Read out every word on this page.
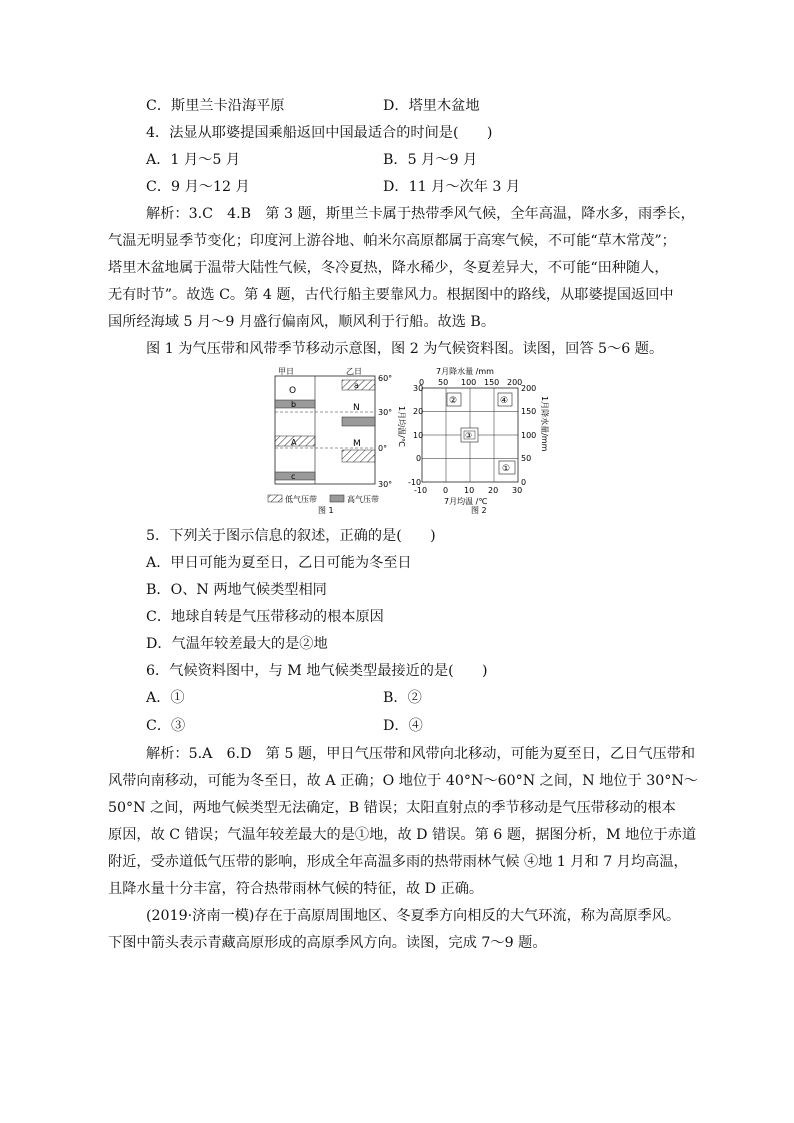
C．斯里兰卡沿海平原	D．塔里木盆地
4．法显从耶婆提国乘船返回中国最适合的时间是(　　)
A．1 月～5 月	B．5 月～9 月
C．9 月～12 月	D．11 月～次年 3 月
解析：3.C　4.B　第 3 题，斯里兰卡属于热带季风气候，全年高温，降水多，雨季长，
气温无明显季节变化；印度河上游谷地、帕米尔高原都属于高寒气候，不可能“草木常茂”；
塔里木盆地属于温带大陆性气候，冬冷夏热，降水稀少，冬夏差异大，不可能“田种随人，
无有时节”。故选 C。第 4 题，古代行船主要靠风力。根据图中的路线，从耶婆提国返回中
国所经海域 5 月～9 月盛行偏南风，顺风利于行船。故选 B。
图 1 为气压带和风带季节移动示意图，图 2 为气候资料图。读图，回答 5～6 题。
甲日	乙日
O
b
A
c
a
N
M
60°
30°
0°
30°
低气压带	高气压带
图 1
7月降水量 /mm
0 50 100 150 200
30
20
10
0
-10
1月均温/℃
200
150
100
50
0
1月降水量/mm
-10 0 10 20 30
7月均温 /℃
②	④
③
①
图 2
5．下列关于图示信息的叙述，正确的是(　　)
A．甲日可能为夏至日，乙日可能为冬至日
B．O、N 两地气候类型相同
C．地球自转是气压带移动的根本原因
D．气温年较差最大的是②地
6．气候资料图中，与 M 地气候类型最接近的是(　　)
A．①	B．②
C．③	D．④
解析：5.A　6.D　第 5 题，甲日气压带和风带向北移动，可能为夏至日，乙日气压带和
风带向南移动，可能为冬至日，故 A 正确；O 地位于 40°N～60°N 之间，N 地位于 30°N～
50°N 之间，两地气候类型无法确定，B 错误；太阳直射点的季节移动是气压带移动的根本
原因，故 C 错误；气温年较差最大的是①地，故 D 错误。第 6 题，据图分析，M 地位于赤道
附近，受赤道低气压带的影响，形成全年高温多雨的热带雨林气候 ④地 1 月和 7 月均高温，
且降水量十分丰富，符合热带雨林气候的特征，故 D 正确。
(2019·济南一模)存在于高原周围地区、冬夏季方向相反的大气环流，称为高原季风。
下图中箭头表示青藏高原形成的高原季风方向。读图，完成 7～9 题。
